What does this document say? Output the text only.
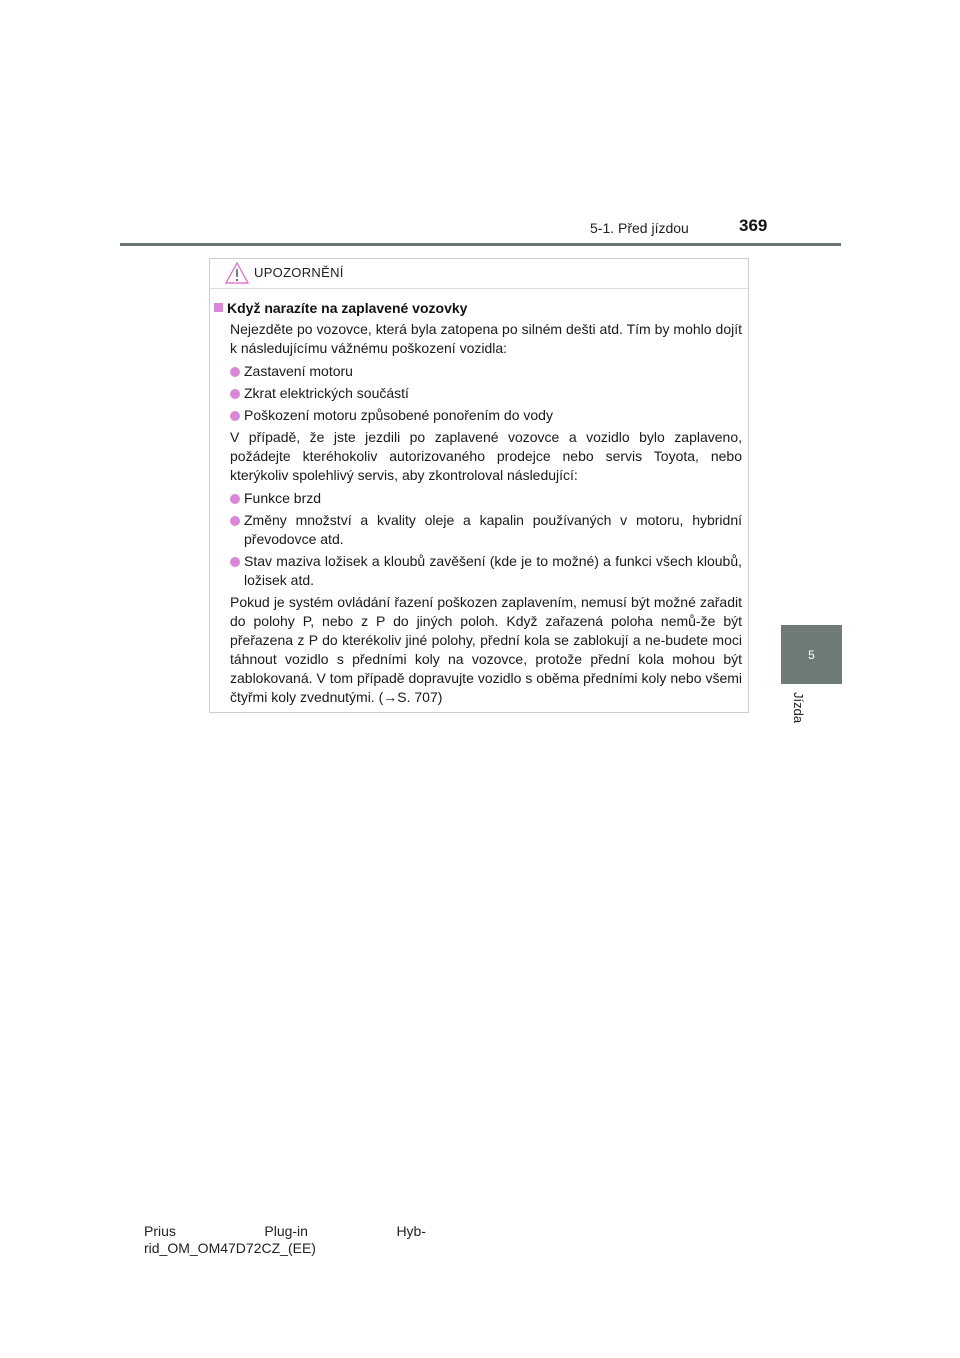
5-1. Před jízdou	369
5
Jízda
UPOZORNĚNÍ
Když narazíte na zaplavené vozovky

Nejezděte po vozovce, která byla zatopena po silném dešti atd. Tím by mohlo dojít k následujícímu vážnému poškození vozidla:

Zastavení motoru
Zkrat elektrických součástí
Poškození motoru způsobené ponořením do vody

V případě, že jste jezdili po zaplavené vozovce a vozidlo bylo zaplaveno, požádejte kteréhokoliv autorizovaného prodejce nebo servis Toyota, nebo kterýkoliv spolehlivý servis, aby zkontroloval následující:

Funkce brzd
Změny množství a kvality oleje a kapalin používaných v motoru, hybridní převodovce atd.
Stav maziva ložisek a kloubů zavěšení (kde je to možné) a funkci všech kloubů, ložisek atd.

Pokud je systém ovládání řazení poškozen zaplavením, nemusí být možné zařadit do polohy P, nebo z P do jiných poloh. Když zařazená poloha nemů-že být přeřazena z P do kterékoliv jiné polohy, přední kola se zablokují a ne-budete moci táhnout vozidlo s předními koly na vozovce, protože přední kola mohou být zablokovaná. V tom případě dopravujte vozidlo s oběma předními koly nebo všemi čtyřmi koly zvednutými. (→S. 707)

Prius	Plug-in	Hyb-
rid_OM_OM47D72CZ_(EE)
